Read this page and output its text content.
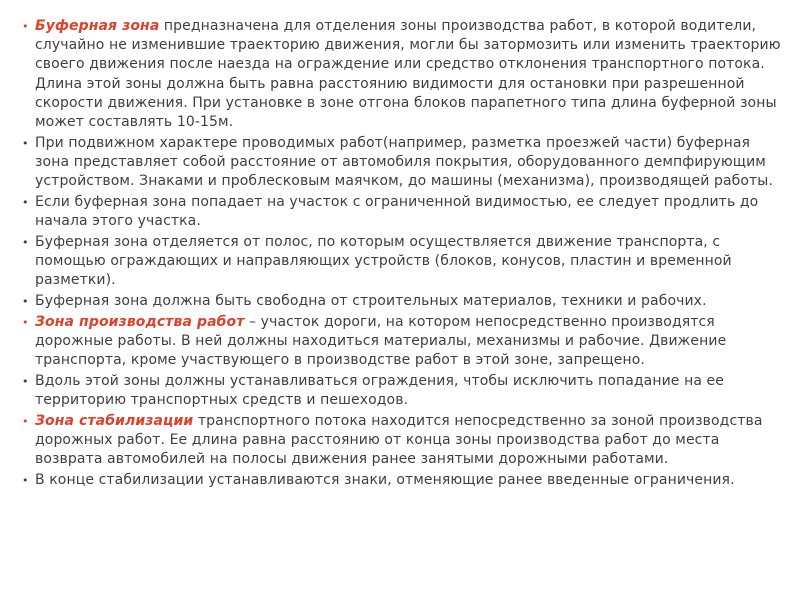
• Буферная зона предназначена для отделения зоны производства работ, в которой водители, случайно не изменившие траекторию движения, могли бы затормозить или изменить траекторию своего движения после наезда на ограждение или средство отклонения транспортного потока. Длина этой зоны должна быть равна расстоянию видимости для остановки при разрешенной скорости движения. При установке в зоне отгона блоков парапетного типа длина буферной зоны может составлять 10-15м.
• При подвижном характере проводимых работ(например, разметка проезжей части) буферная зона представляет собой расстояние от автомобиля покрытия, оборудованного демпфирующим устройством. Знаками и проблесковым маячком, до машины (механизма), производящей работы.
• Если буферная зона попадает на участок с ограниченной видимостью, ее следует продлить до начала этого участка.
• Буферная зона отделяется от полос, по которым осуществляется движение транспорта, с помощью ограждающих и направляющих устройств (блоков, конусов, пластин и временной разметки).
• Буферная зона должна быть свободна от строительных материалов, техники и рабочих.
• Зона производства работ – участок дороги, на котором непосредственно производятся дорожные работы. В ней должны находиться материалы, механизмы и рабочие. Движение транспорта, кроме участвующего в производстве работ в этой зоне, запрещено.
• Вдоль этой зоны должны устанавливаться ограждения, чтобы исключить попадание на ее территорию транспортных средств и пешеходов.
• Зона стабилизации транспортного потока находится непосредственно за зоной производства дорожных работ. Ее длина равна расстоянию от конца зоны производства работ до места возврата автомобилей на полосы движения ранее занятыми дорожными работами.
• В конце стабилизации устанавливаются знаки, отменяющие ранее введенные ограничения.
